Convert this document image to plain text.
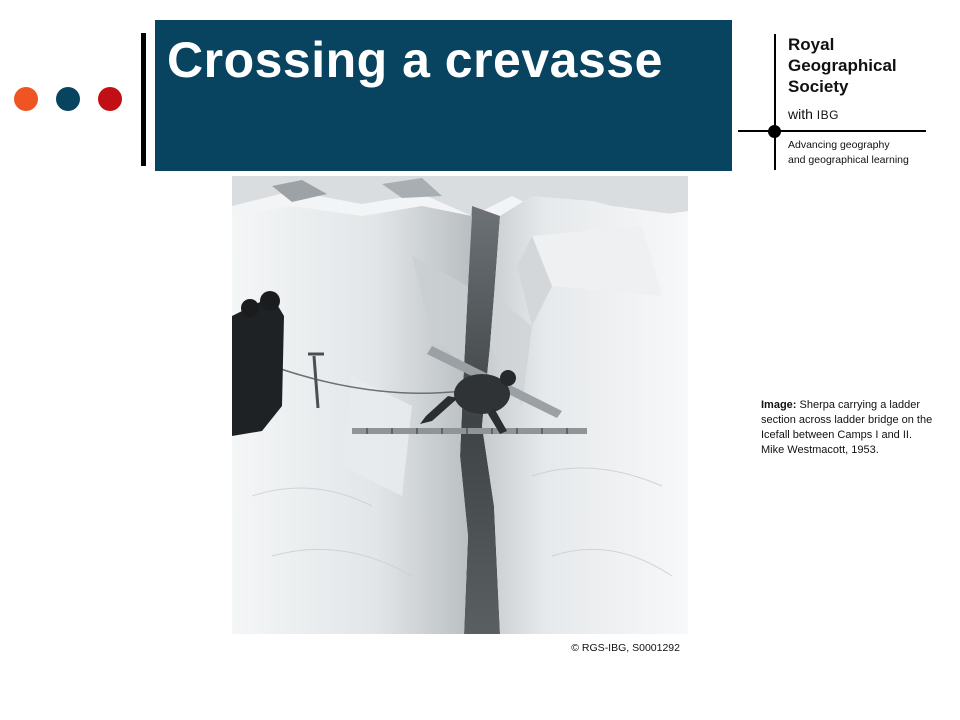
Crossing a crevasse	Royal
Geographical
Society
with IBG
Advancing geography
and geographical learning
© RGS-IBG, S0001292
Image: Sherpa carrying a ladder section across ladder bridge on the Icefall between Camps I and II. Mike Westmacott, 1953.
